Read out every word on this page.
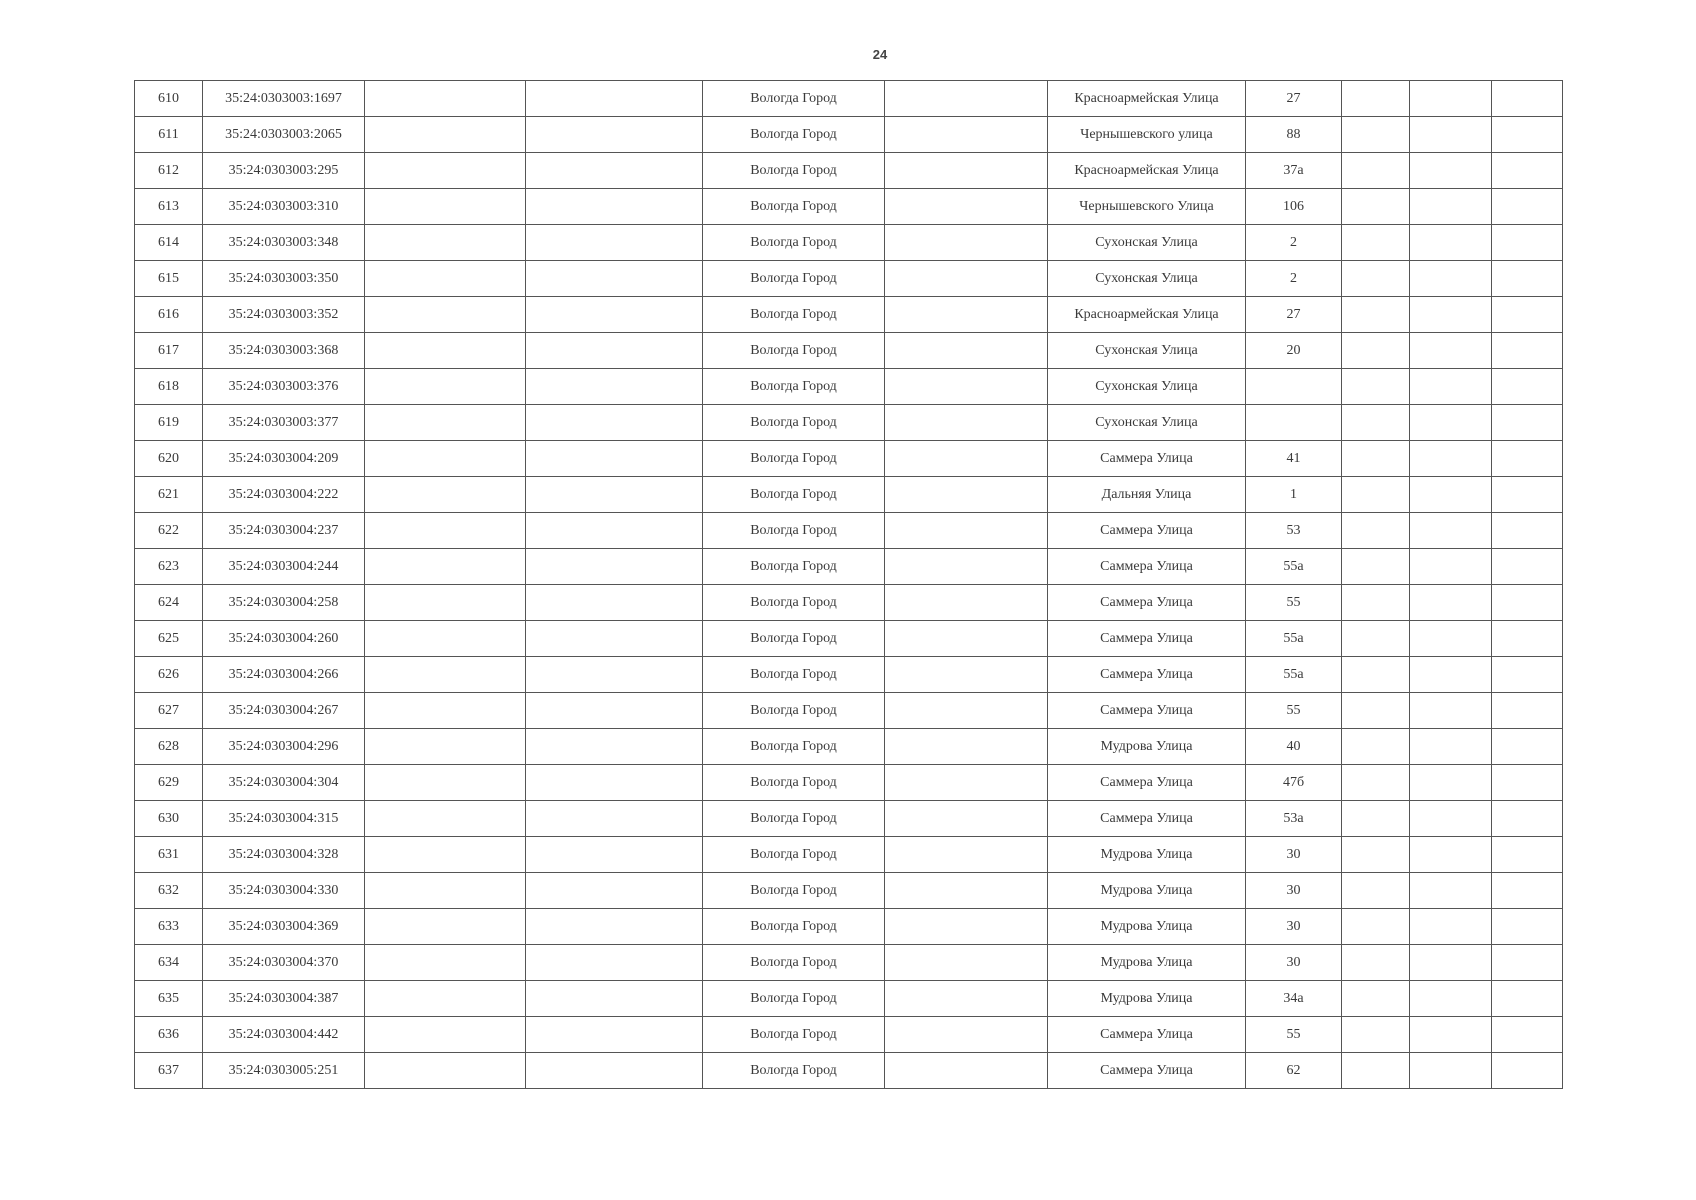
24
610	35:24:0303003:1697			Вологда Город		Красноармейская Улица	27			
611	35:24:0303003:2065			Вологда Город		Чернышевского улица	88			
612	35:24:0303003:295			Вологда Город		Красноармейская Улица	37а			
613	35:24:0303003:310			Вологда Город		Чернышевского Улица	106			
614	35:24:0303003:348			Вологда Город		Сухонская Улица	2			
615	35:24:0303003:350			Вологда Город		Сухонская Улица	2			
616	35:24:0303003:352			Вологда Город		Красноармейская Улица	27			
617	35:24:0303003:368			Вологда Город		Сухонская Улица	20			
618	35:24:0303003:376			Вологда Город		Сухонская Улица				
619	35:24:0303003:377			Вологда Город		Сухонская Улица				
620	35:24:0303004:209			Вологда Город		Саммера Улица	41			
621	35:24:0303004:222			Вологда Город		Дальняя Улица	1			
622	35:24:0303004:237			Вологда Город		Саммера Улица	53			
623	35:24:0303004:244			Вологда Город		Саммера Улица	55а			
624	35:24:0303004:258			Вологда Город		Саммера Улица	55			
625	35:24:0303004:260			Вологда Город		Саммера Улица	55а			
626	35:24:0303004:266			Вологда Город		Саммера Улица	55а			
627	35:24:0303004:267			Вологда Город		Саммера Улица	55			
628	35:24:0303004:296			Вологда Город		Мудрова Улица	40			
629	35:24:0303004:304			Вологда Город		Саммера Улица	47б			
630	35:24:0303004:315			Вологда Город		Саммера Улица	53а			
631	35:24:0303004:328			Вологда Город		Мудрова Улица	30			
632	35:24:0303004:330			Вологда Город		Мудрова Улица	30			
633	35:24:0303004:369			Вологда Город		Мудрова Улица	30			
634	35:24:0303004:370			Вологда Город		Мудрова Улица	30			
635	35:24:0303004:387			Вологда Город		Мудрова Улица	34а			
636	35:24:0303004:442			Вологда Город		Саммера Улица	55			
637	35:24:0303005:251			Вологда Город		Саммера Улица	62			
